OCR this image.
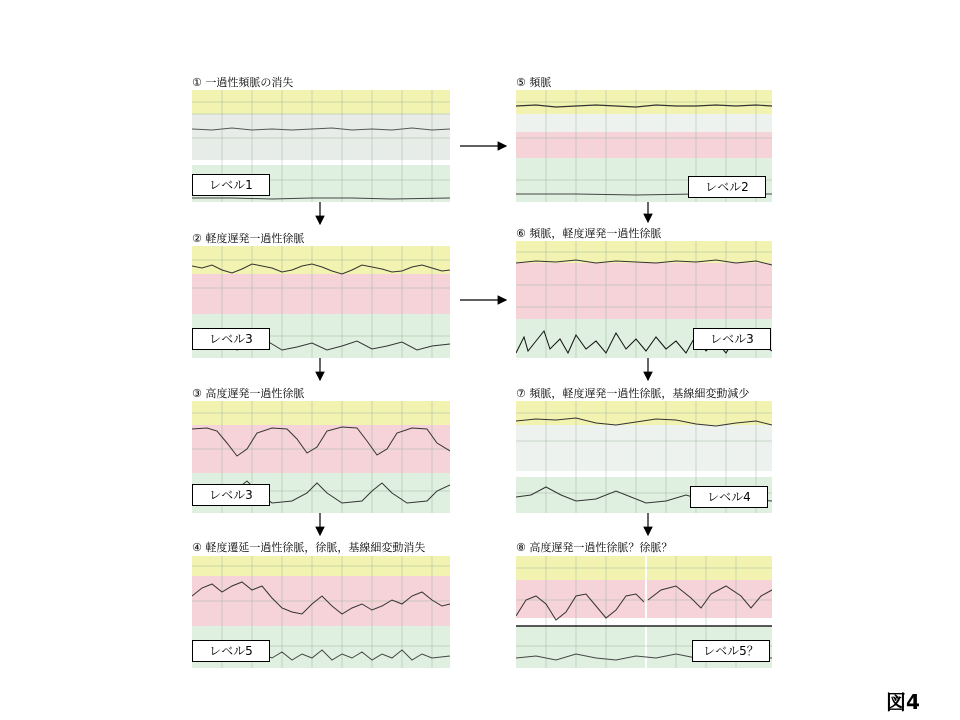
① 一過性頻脈の消失
レベル1
② 軽度遅発一過性徐脈
レベル3
③ 高度遅発一過性徐脈
レベル3
④ 軽度遷延一過性徐脈，徐脈，基線細変動消失
レベル5
⑤ 頻脈
レベル2
⑥ 頻脈，軽度遅発一過性徐脈
レベル3
⑦ 頻脈，軽度遅発一過性徐脈，基線細変動減少
レベル4
⑧ 高度遅発一過性徐脈？徐脈？
レベル5？
図4
